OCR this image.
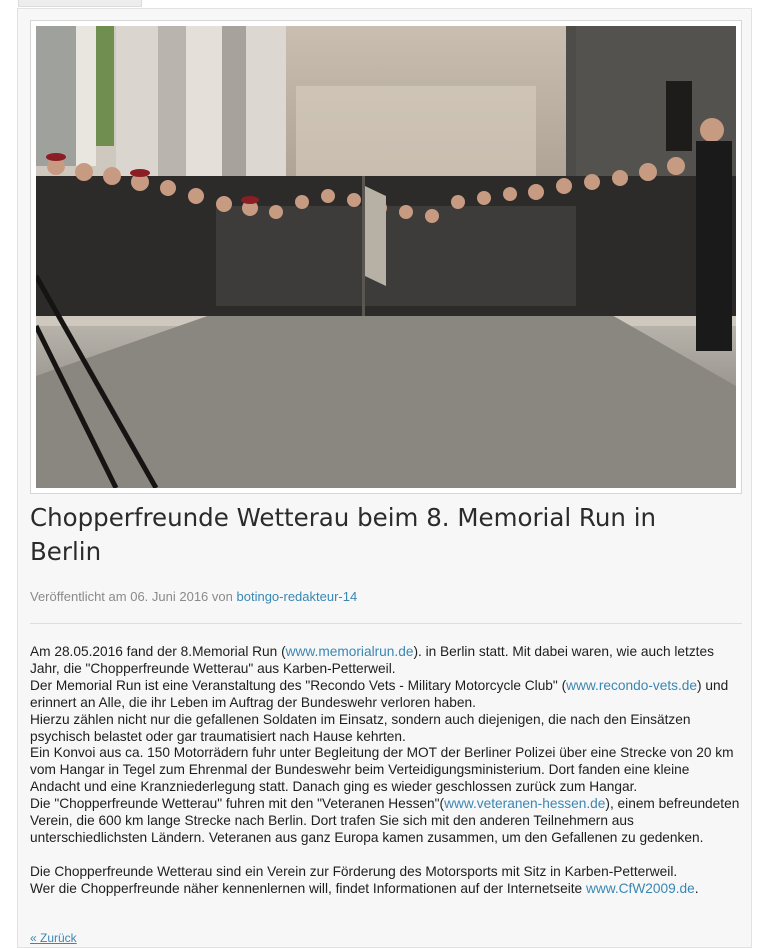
Chopperfreunde Wetterau beim 8. Memorial Run in Berlin
Veröffentlicht am 06. Juni 2016 von botingo-redakteur-14

Am 28.05.2016 fand der 8.Memorial Run (www.memorialrun.de). in Berlin statt. Mit dabei waren, wie auch letztes Jahr, die "Chopperfreunde Wetterau" aus Karben-Petterweil.
Der Memorial Run ist eine Veranstaltung des "Recondo Vets - Military Motorcycle Club" (www.recondo-vets.de) und erinnert an Alle, die ihr Leben im Auftrag der Bundeswehr verloren haben.
Hierzu zählen nicht nur die gefallenen Soldaten im Einsatz, sondern auch diejenigen, die nach den Einsätzen psychisch belastet oder gar traumatisiert nach Hause kehrten.
Ein Konvoi aus ca. 150 Motorrädern fuhr unter Begleitung der MOT der Berliner Polizei über eine Strecke von 20 km vom Hangar in Tegel zum Ehrenmal der Bundeswehr beim Verteidigungsministerium. Dort fanden eine kleine Andacht und eine Kranzniederlegung statt. Danach ging es wieder geschlossen zurück zum Hangar.
Die "Chopperfreunde Wetterau" fuhren mit den "Veteranen Hessen"(www.veteranen-hessen.de), einem befreundeten Verein, die 600 km lange Strecke nach Berlin. Dort trafen Sie sich mit den anderen Teilnehmern aus unterschiedlichsten Ländern. Veteranen aus ganz Europa kamen zusammen, um den Gefallenen zu gedenken.

Die Chopperfreunde Wetterau sind ein Verein zur Förderung des Motorsports mit Sitz in Karben-Petterweil.
Wer die Chopperfreunde näher kennenlernen will, findet Informationen auf der Internetseite www.CfW2009.de.

« Zurück
